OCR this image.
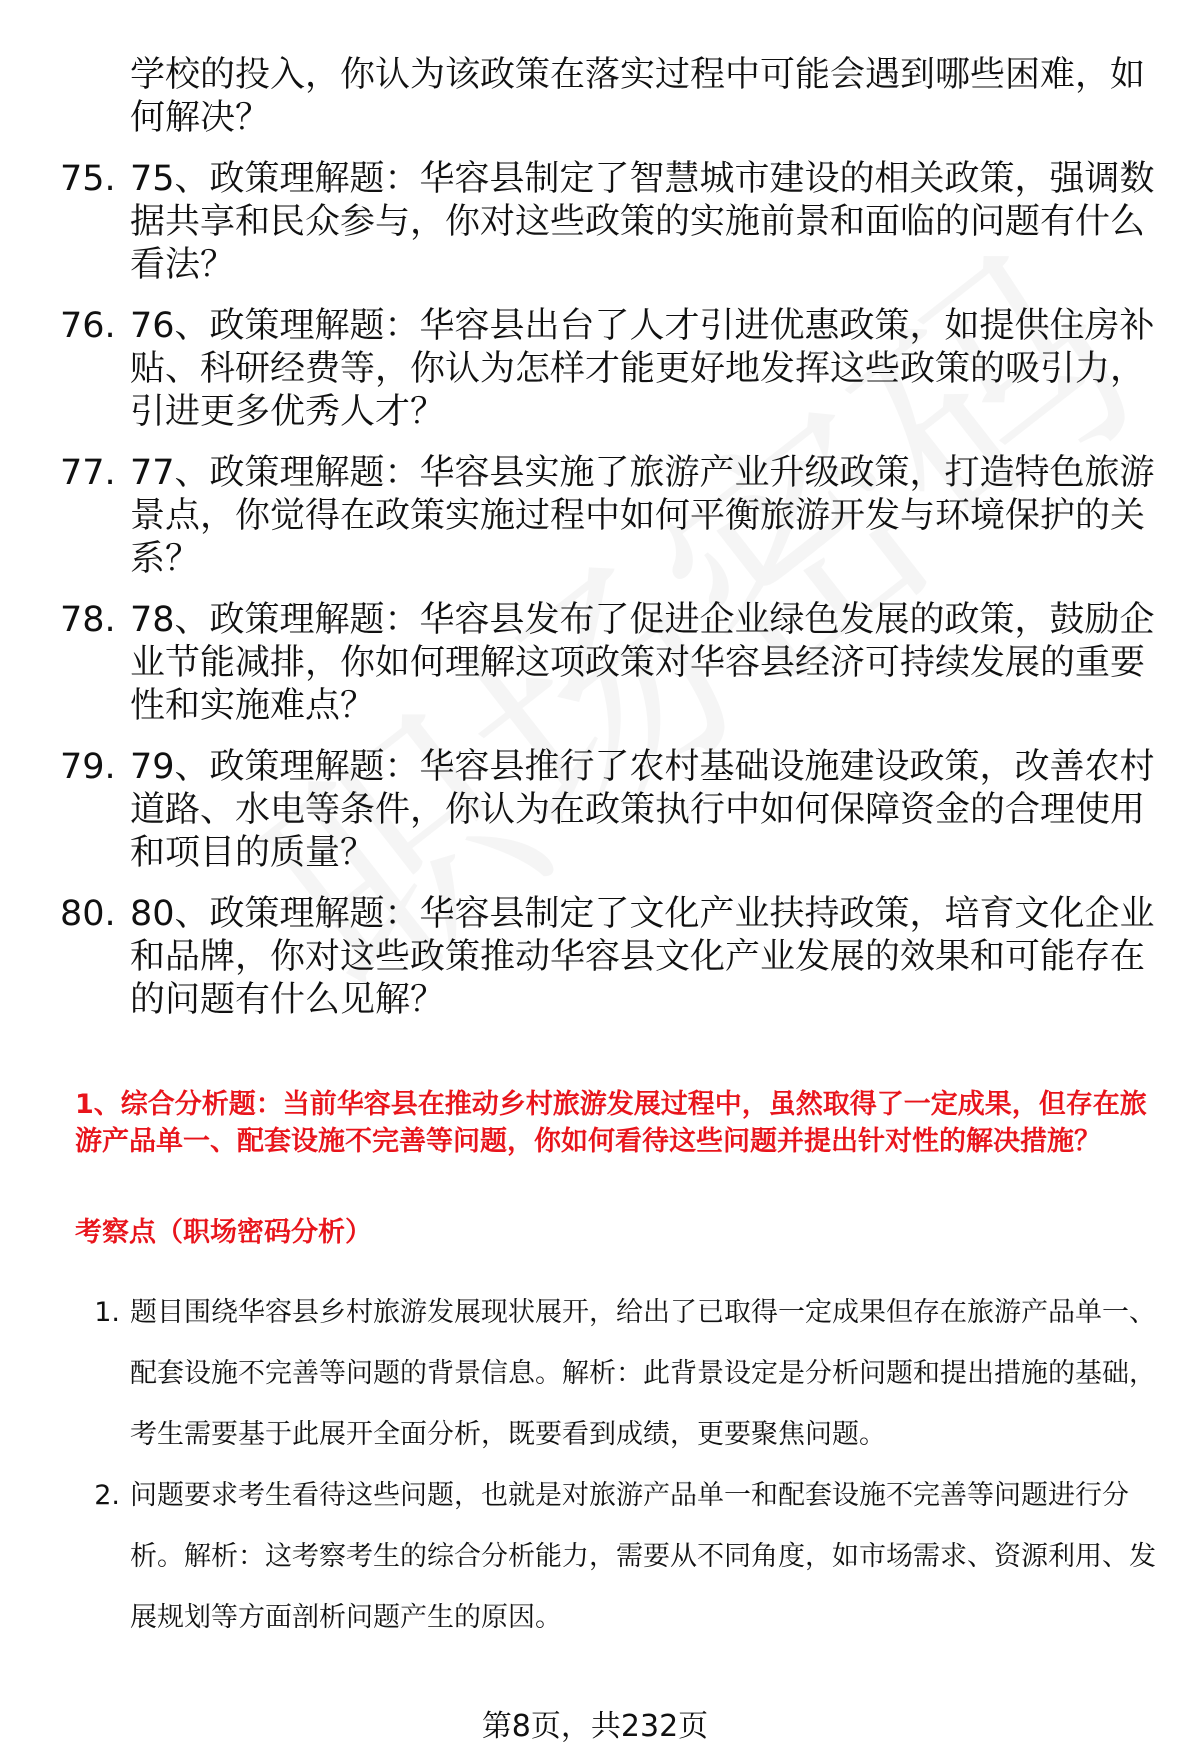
学校的投入，你认为该政策在落实过程中可能会遇到哪些困难，如何解决？
75. 75、政策理解题：华容县制定了智慧城市建设的相关政策，强调数据共享和民众参与，你对这些政策的实施前景和面临的问题有什么看法？
76. 76、政策理解题：华容县出台了人才引进优惠政策，如提供住房补贴、科研经费等，你认为怎样才能更好地发挥这些政策的吸引力，引进更多优秀人才？
77. 77、政策理解题：华容县实施了旅游产业升级政策，打造特色旅游景点，你觉得在政策实施过程中如何平衡旅游开发与环境保护的关系？
78. 78、政策理解题：华容县发布了促进企业绿色发展的政策，鼓励企业节能减排，你如何理解这项政策对华容县经济可持续发展的重要性和实施难点？
79. 79、政策理解题：华容县推行了农村基础设施建设政策，改善农村道路、水电等条件，你认为在政策执行中如何保障资金的合理使用和项目的质量？
80. 80、政策理解题：华容县制定了文化产业扶持政策，培育文化企业和品牌，你对这些政策推动华容县文化产业发展的效果和可能存在的问题有什么见解？
1、综合分析题：当前华容县在推动乡村旅游发展过程中，虽然取得了一定成果，但存在旅游产品单一、配套设施不完善等问题，你如何看待这些问题并提出针对性的解决措施？
考察点（职场密码分析）
1. 题目围绕华容县乡村旅游发展现状展开，给出了已取得一定成果但存在旅游产品单一、配套设施不完善等问题的背景信息。解析：此背景设定是分析问题和提出措施的基础，考生需要基于此展开全面分析，既要看到成绩，更要聚焦问题。
2. 问题要求考生看待这些问题，也就是对旅游产品单一和配套设施不完善等问题进行分析。解析：这考察考生的综合分析能力，需要从不同角度，如市场需求、资源利用、发展规划等方面剖析问题产生的原因。
第8页，共232页
